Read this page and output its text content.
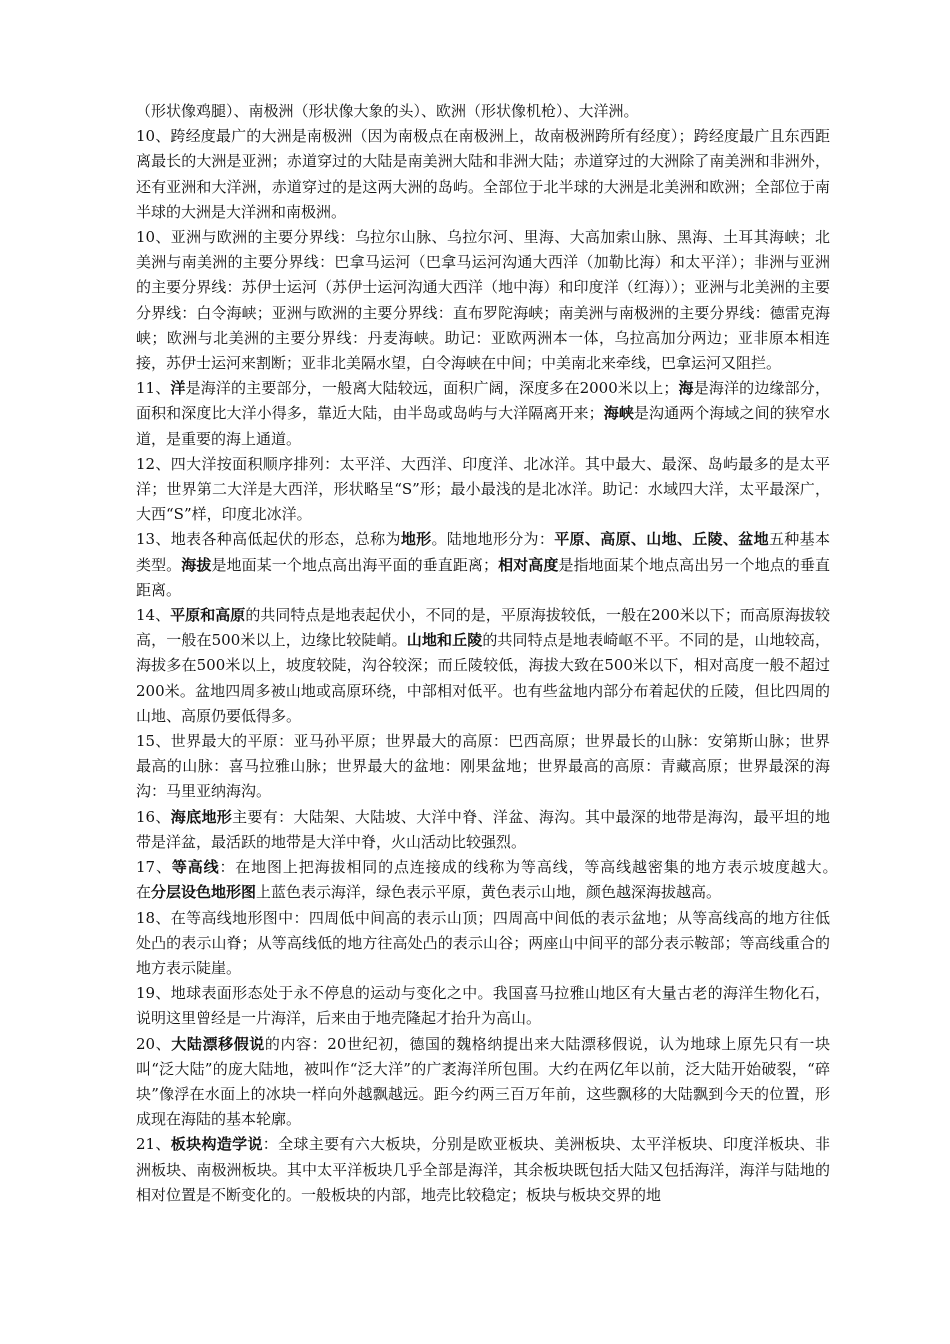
（形状像鸡腿）、南极洲（形状像大象的头）、欧洲（形状像机枪）、大洋洲。

10、跨经度最广的大洲是南极洲（因为南极点在南极洲上，故南极洲跨所有经度）；跨经度最广且东西距离最长的大洲是亚洲；赤道穿过的大陆是南美洲大陆和非洲大陆；赤道穿过的大洲除了南美洲和非洲外，还有亚洲和大洋洲，赤道穿过的是这两大洲的岛屿。全部位于北半球的大洲是北美洲和欧洲；全部位于南半球的大洲是大洋洲和南极洲。

10、亚洲与欧洲的主要分界线：乌拉尔山脉、乌拉尔河、里海、大高加索山脉、黑海、土耳其海峡；北美洲与南美洲的主要分界线：巴拿马运河（巴拿马运河沟通大西洋（加勒比海）和太平洋）；非洲与亚洲的主要分界线：苏伊士运河（苏伊士运河沟通大西洋（地中海）和印度洋（红海））；亚洲与北美洲的主要分界线：白令海峡；亚洲与欧洲的主要分界线：直布罗陀海峡；南美洲与南极洲的主要分界线：德雷克海峡；欧洲与北美洲的主要分界线：丹麦海峡。助记：亚欧两洲本一体，乌拉高加分两边；亚非原本相连接，苏伊士运河来割断；亚非北美隔水望，白令海峡在中间；中美南北来牵线，巴拿运河又阻拦。

11、洋是海洋的主要部分，一般离大陆较远，面积广阔，深度多在2000米以上；海是海洋的边缘部分，面积和深度比大洋小得多，靠近大陆，由半岛或岛屿与大洋隔离开来；海峡是沟通两个海域之间的狭窄水道，是重要的海上通道。

12、四大洋按面积顺序排列：太平洋、大西洋、印度洋、北冰洋。其中最大、最深、岛屿最多的是太平洋；世界第二大洋是大西洋，形状略呈“S”形；最小最浅的是北冰洋。助记：水域四大洋，太平最深广， 大西“S”样，印度北冰洋。

13、地表各种高低起伏的形态，总称为地形。陆地地形分为：平原、高原、山地、丘陵、盆地五种基本类型。海拔是地面某一个地点高出海平面的垂直距离；相对高度是指地面某个地点高出另一个地点的垂直距离。

14、平原和高原的共同特点是地表起伏小，不同的是，平原海拔较低，一般在200米以下；而高原海拔较高，一般在500米以上，边缘比较陡峭。山地和丘陵的共同特点是地表崎岖不平。不同的是，山地较高，海拔多在500米以上，坡度较陡，沟谷较深；而丘陵较低，海拔大致在500米以下，相对高度一般不超过200米。盆地四周多被山地或高原环绕，中部相对低平。也有些盆地内部分布着起伏的丘陵，但比四周的山地、高原仍要低得多。

15、世界最大的平原：亚马孙平原；世界最大的高原：巴西高原；世界最长的山脉：安第斯山脉；世界最高的山脉：喜马拉雅山脉；世界最大的盆地：刚果盆地；世界最高的高原：青藏高原；世界最深的海沟：马里亚纳海沟。

16、海底地形主要有：大陆架、大陆坡、大洋中脊、洋盆、海沟。其中最深的地带是海沟，最平坦的地带是洋盆，最活跃的地带是大洋中脊，火山活动比较强烈。

17、等高线：在地图上把海拔相同的点连接成的线称为等高线，等高线越密集的地方表示坡度越大。　　在分层设色地形图上蓝色表示海洋，绿色表示平原，黄色表示山地，颜色越深海拔越高。

18、在等高线地形图中：四周低中间高的表示山顶；四周高中间低的表示盆地；从等高线高的地方往低处凸的表示山脊；从等高线低的地方往高处凸的表示山谷；两座山中间平的部分表示鞍部；等高线重合的地方表示陡崖。

19、地球表面形态处于永不停息的运动与变化之中。我国喜马拉雅山地区有大量古老的海洋生物化石，说明这里曾经是一片海洋，后来由于地壳隆起才抬升为高山。

20、大陆漂移假说的内容：20世纪初，德国的魏格纳提出来大陆漂移假说，认为地球上原先只有一块叫“泛大陆”的庞大陆地，被叫作“泛大洋”的广袤海洋所包围。大约在两亿年以前，泛大陆开始破裂，“碎块”像浮在水面上的冰块一样向外越飘越远。距今约两三百万年前，这些飘移的大陆飘到今天的位置，形成现在海陆的基本轮廓。

21、板块构造学说：全球主要有六大板块，分别是欧亚板块、美洲板块、太平洋板块、印度洋板块、非洲板块、南极洲板块。其中太平洋板块几乎全部是海洋，其余板块既包括大陆又包括海洋，海洋与陆地的相对位置是不断变化的。一般板块的内部，地壳比较稳定；板块与板块交界的地
